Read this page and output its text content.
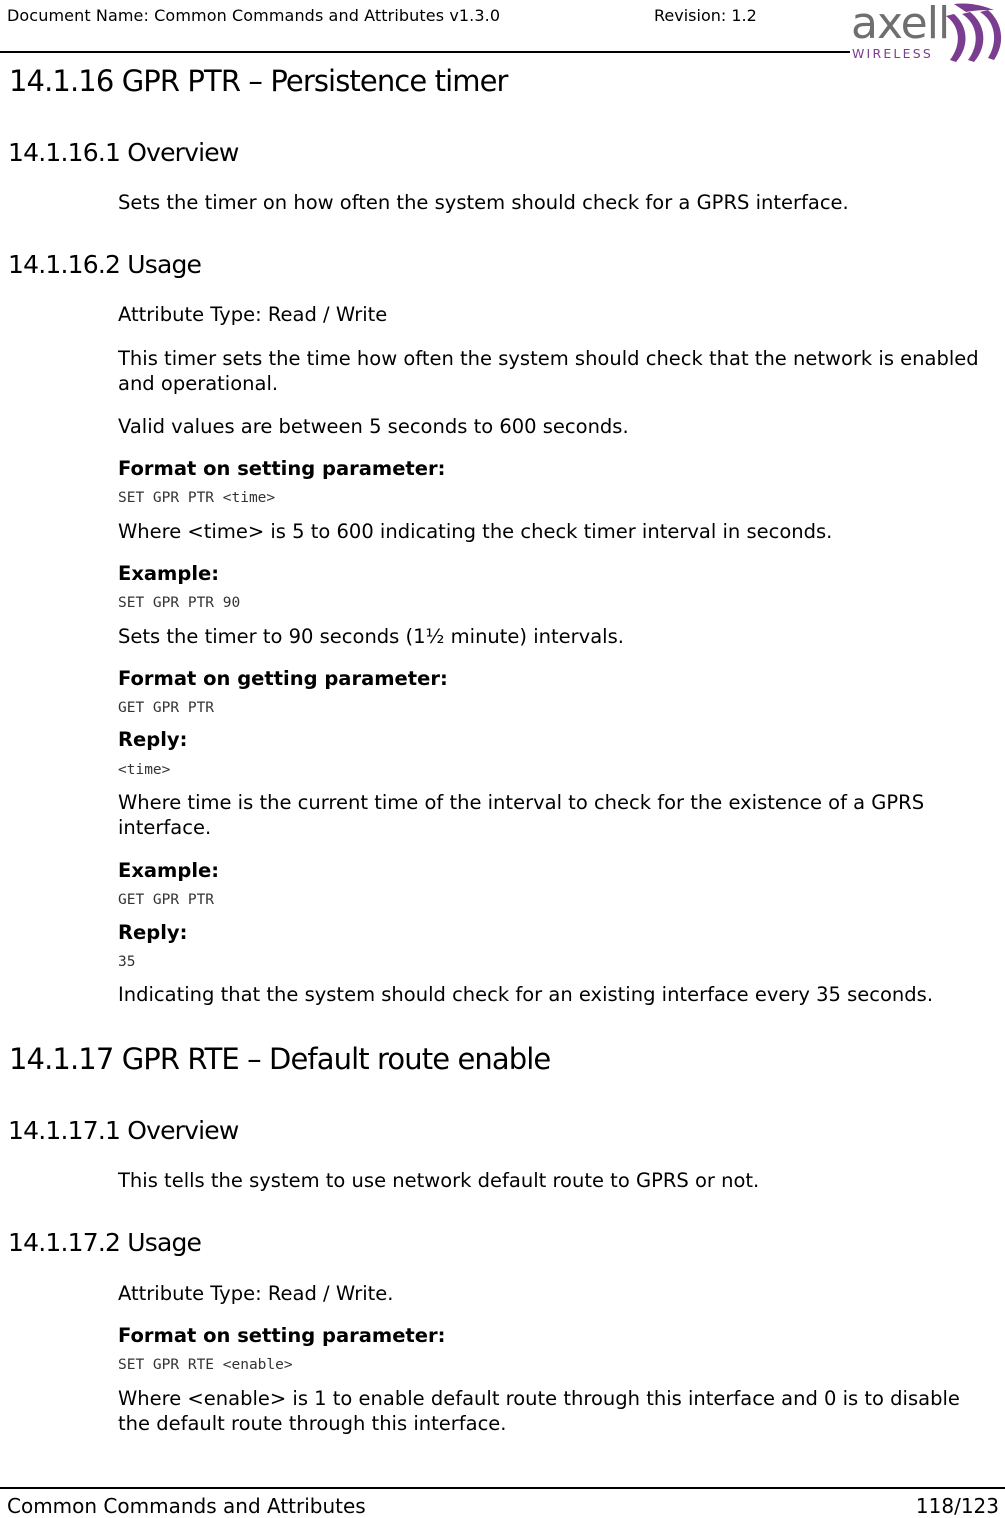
Document Name: Common Commands and Attributes v1.3.0	Revision: 1.2 axell
WIRELESS
14.1.16 GPR PTR – Persistence timer
14.1.16.1 Overview

Sets the timer on how often the system should check for a GPRS interface.

14.1.16.2 Usage

Attribute Type: Read / Write

This timer sets the time how often the system should check that the network is enabled and operational.

Valid values are between 5 seconds to 600 seconds.

Format on setting parameter:

SET GPR PTR <time>

Where <time> is 5 to 600 indicating the check timer interval in seconds.

Example:

SET GPR PTR 90

Sets the timer to 90 seconds (1½ minute) intervals.

Format on getting parameter:

GET GPR PTR

Reply:

<time>

Where time is the current time of the interval to check for the existence of a GPRS interface.

Example:

GET GPR PTR

Reply:

35

Indicating that the system should check for an existing interface every 35 seconds.

14.1.17 GPR RTE – Default route enable
14.1.17.1 Overview

This tells the system to use network default route to GPRS or not.

14.1.17.2 Usage

Attribute Type: Read / Write.

Format on setting parameter:

SET GPR RTE <enable>

Where <enable> is 1 to enable default route through this interface and 0 is to disable the default route through this interface.

Common Commands and Attributes	118/123
